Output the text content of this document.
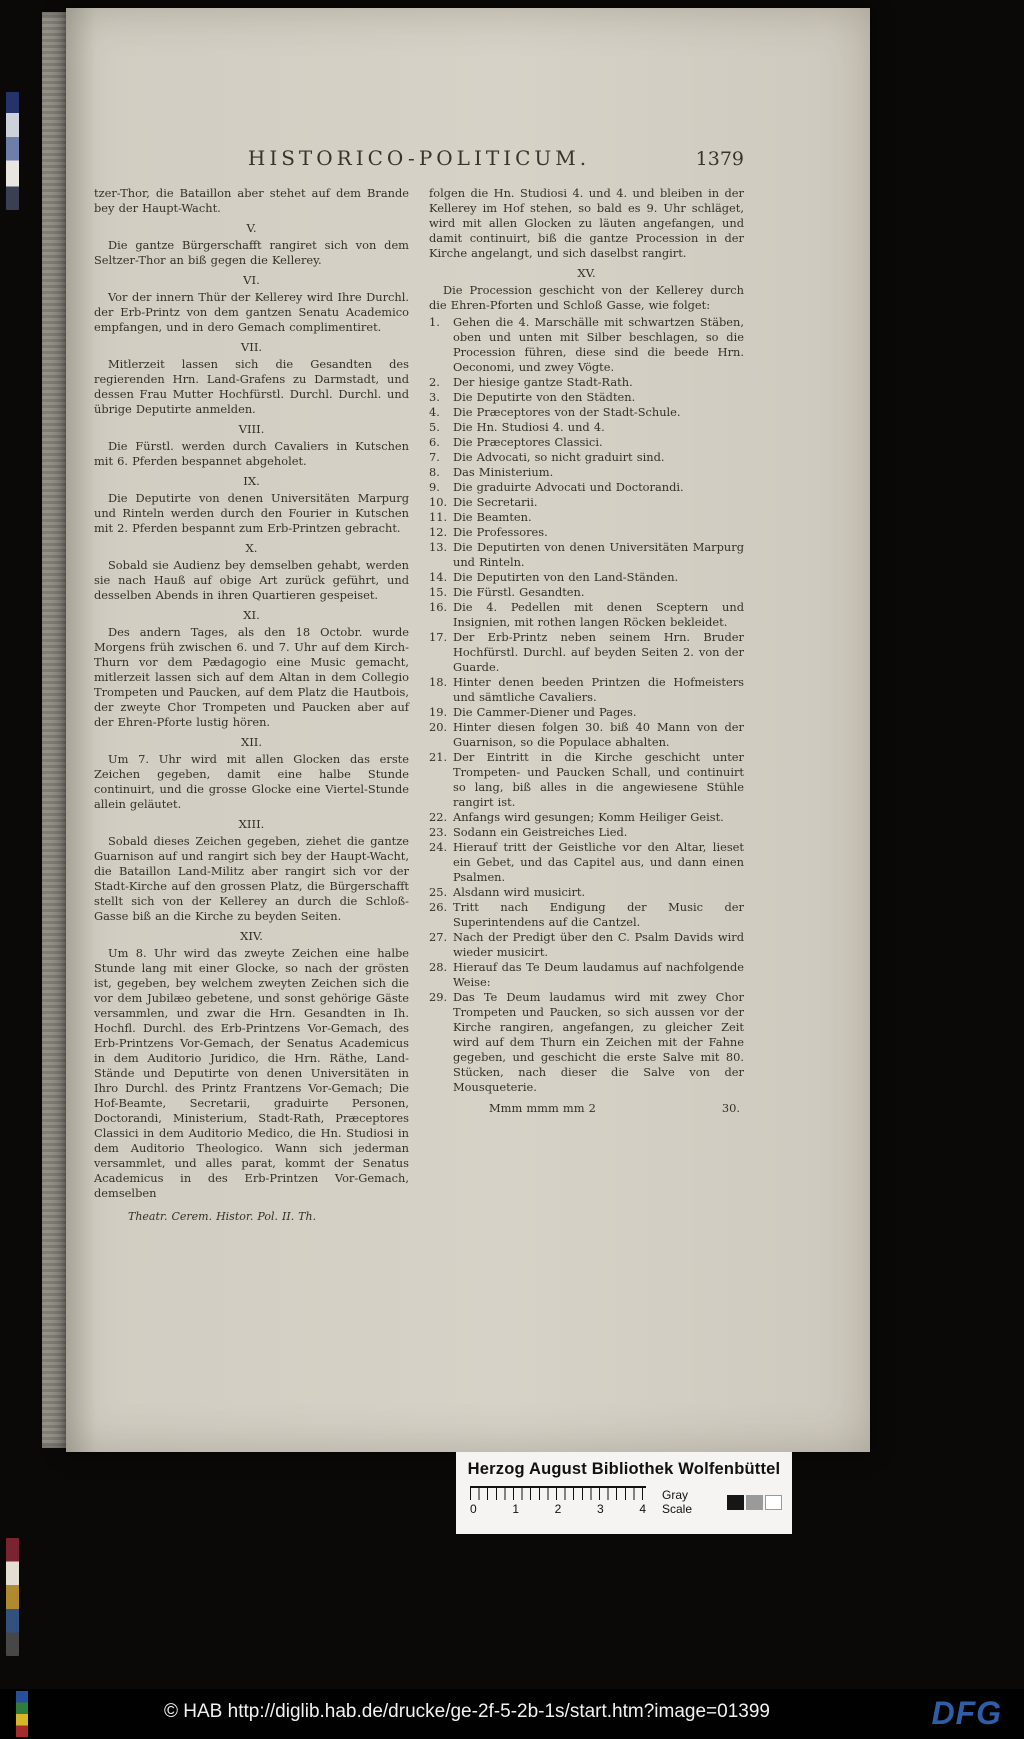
HISTORICO-POLITICUM.	1379

tzer-Thor, die Bataillon aber stehet auf dem Brande bey der Haupt-Wacht.

V.

Die gantze Bürgerschafft rangiret sich von dem Seltzer-Thor an biß gegen die Kellerey.

VI.

Vor der innern Thür der Kellerey wird Ihre Durchl. der Erb-Printz von dem gantzen Senatu Academico empfangen, und in dero Gemach complimentiret.

VII.

Mitlerzeit lassen sich die Gesandten des regierenden Hrn. Land-Grafens zu Darmstadt, und dessen Frau Mutter Hochfürstl. Durchl. Durchl. und übrige Deputirte anmelden.

VIII.

Die Fürstl. werden durch Cavaliers in Kutschen mit 6. Pferden bespannet abgeholet.

IX.

Die Deputirte von denen Universitäten Marpurg und Rinteln werden durch den Fourier in Kutschen mit 2. Pferden bespannt zum Erb-Printzen gebracht.

X.

Sobald sie Audienz bey demselben gehabt, werden sie nach Hauß auf obige Art zurück geführt, und desselben Abends in ihren Quartieren gespeiset.

XI.

Des andern Tages, als den 18 Octobr. wurde Morgens früh zwischen 6. und 7. Uhr auf dem Kirch-Thurn vor dem Pædagogio eine Music gemacht, mitlerzeit lassen sich auf dem Altan in dem Collegio Trompeten und Paucken, auf dem Platz die Hautbois, der zweyte Chor Trompeten und Paucken aber auf der Ehren-Pforte lustig hören.

XII.

Um 7. Uhr wird mit allen Glocken das erste Zeichen gegeben, damit eine halbe Stunde continuirt, und die grosse Glocke eine Viertel-Stunde allein geläutet.

XIII.

Sobald dieses Zeichen gegeben, ziehet die gantze Guarnison auf und rangirt sich bey der Haupt-Wacht, die Bataillon Land-Militz aber rangirt sich vor der Stadt-Kirche auf den grossen Platz, die Bürgerschafft stellt sich von der Kellerey an durch die Schloß-Gasse biß an die Kirche zu beyden Seiten.

XIV.

Um 8. Uhr wird das zweyte Zeichen eine halbe Stunde lang mit einer Glocke, so nach der grösten ist, gegeben, bey welchem zweyten Zeichen sich die vor dem Jubilæo gebetene, und sonst gehörige Gäste versammlen, und zwar die Hrn. Gesandten in Ih. Hochfl. Durchl. des Erb-Printzens Vor-Gemach, des Erb-Printzens Vor-Gemach, der Senatus Academicus in dem Auditorio Juridico, die Hrn. Räthe, Land-Stände und Deputirte von denen Universitäten in Ihro Durchl. des Printz Frantzens Vor-Gemach; Die Hof-Beamte, Secretarii, graduirte Personen, Doctorandi, Ministerium, Stadt-Rath, Præceptores Classici in dem Auditorio Medico, die Hn. Studiosi in dem Auditorio Theologico. Wann sich jederman versammlet, und alles parat, kommt der Senatus Academicus in des Erb-Printzen Vor-Gemach, demselben

Theatr. Cerem. Histor. Pol. II. Th.

folgen die Hn. Studiosi 4. und 4. und bleiben in der Kellerey im Hof stehen, so bald es 9. Uhr schläget, wird mit allen Glocken zu läuten angefangen, und damit continuirt, biß die gantze Procession in der Kirche angelangt, und sich daselbst rangirt.

XV.

Die Procession geschicht von der Kellerey durch die Ehren-Pforten und Schloß Gasse, wie folget:

1.	Gehen die 4. Marschälle mit schwartzen Stäben, oben und unten mit Silber beschlagen, so die Procession führen, diese sind die beede Hrn. Oeconomi, und zwey Vögte.
2.	Der hiesige gantze Stadt-Rath.
3.	Die Deputirte von den Städten.
4.	Die Præceptores von der Stadt-Schule.
5.	Die Hn. Studiosi 4. und 4.
6.	Die Præceptores Classici.
7.	Die Advocati, so nicht graduirt sind.
8.	Das Ministerium.
9.	Die graduirte Advocati und Doctorandi.
10. Die Secretarii.
11. Die Beamten.
12. Die Professores.
13. Die Deputirten von denen Universitäten Marpurg und Rinteln.
14. Die Deputirten von den Land-Ständen.
15. Die Fürstl. Gesandten.
16. Die 4. Pedellen mit denen Sceptern und Insignien, mit rothen langen Röcken bekleidet.
17. Der Erb-Printz neben seinem Hrn. Bruder Hochfürstl. Durchl. auf beyden Seiten 2. von der Guarde.
18. Hinter denen beeden Printzen die Hofmeisters und sämtliche Cavaliers.
19. Die Cammer-Diener und Pages.
20. Hinter diesen folgen 30. biß 40 Mann von der Guarnison, so die Populace abhalten.
21. Der Eintritt in die Kirche geschicht unter Trompeten- und Paucken Schall, und continuirt so lang, biß alles in die angewiesene Stühle rangirt ist.
22. Anfangs wird gesungen; Komm Heiliger Geist.
23. Sodann ein Geistreiches Lied.
24. Hierauf tritt der Geistliche vor den Altar, lieset ein Gebet, und das Capitel aus, und dann einen Psalmen.
25. Alsdann wird musicirt.
26. Tritt nach Endigung der Music der Superintendens auf die Cantzel.
27. Nach der Predigt über den C. Psalm Davids wird wieder musicirt.
28. Hierauf das Te Deum laudamus auf nachfolgende Weise:
29. Das Te Deum laudamus wird mit zwey Chor Trompeten und Paucken, so sich aussen vor der Kirche rangiren, angefangen, zu gleicher Zeit wird auf dem Thurn ein Zeichen mit der Fahne gegeben, und geschicht die erste Salve mit 80. Stücken, nach dieser die Salve von der Mousqueterie.
Mmm mmm mm 2	30.
Herzog August Bibliothek Wolfenbüttel
0	1	2	3	4
Gray Scale
© HAB http://diglib.hab.de/drucke/ge-2f-5-2b-1s/start.htm?image=01399	DFG
